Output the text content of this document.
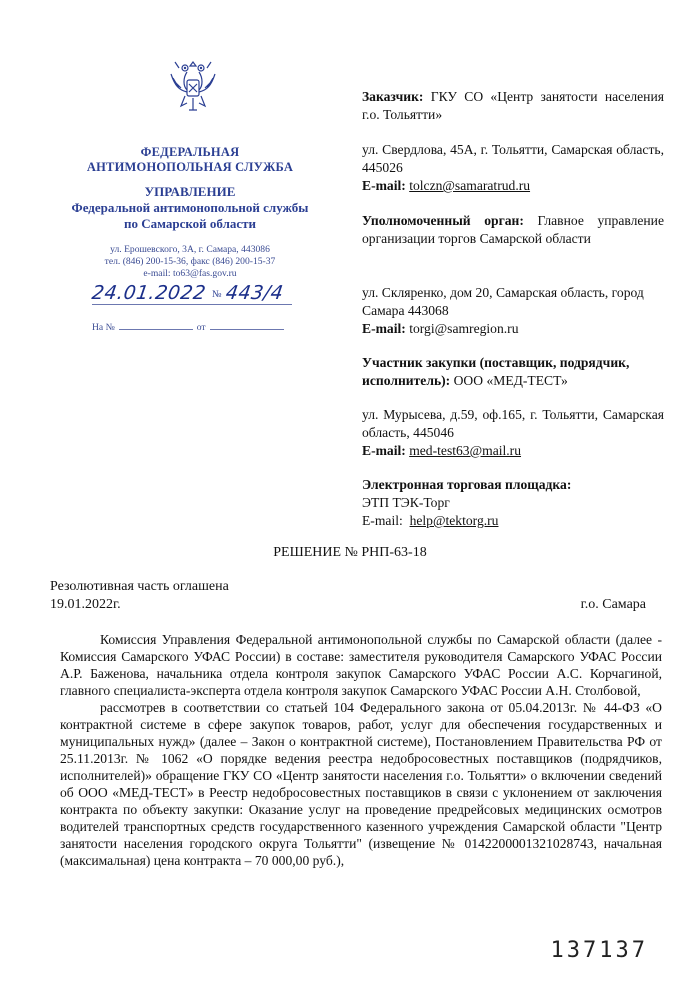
ФЕДЕРАЛЬНАЯ
АНТИМОНОПОЛЬНАЯ СЛУЖБА
УПРАВЛЕНИЕ
Федеральной антимонопольной службы
по Самарской области
ул. Ерошевского, 3А, г. Самара, 443086
тел. (846) 200-15-36, факс (846) 200-15-37
e-mail: to63@fas.gov.ru
24.01.2022 № 443/4
На №	от
Заказчик: ГКУ СО «Центр занятости населения г.о. Тольятти»
ул. Свердлова, 45А, г. Тольятти, Самарская область, 445026
E-mail: tolczn@samaratrud.ru
Уполномоченный орган: Главное управление организации торгов Самарской области
ул. Скляренко, дом 20, Самарская область, город Самара 443068
E-mail: torgi@samregion.ru
Участник закупки (поставщик, подрядчик, исполнитель): ООО «МЕД-ТЕСТ»
ул. Мурысева, д.59, оф.165, г. Тольятти, Самарская область, 445046
E-mail: med-test63@mail.ru
Электронная торговая площадка:
ЭТП ТЭК-Торг
E-mail: help@tektorg.ru
РЕШЕНИЕ № РНП-63-18
Резолютивная часть оглашена
19.01.2022г.	г.о. Самара

Комиссия Управления Федеральной антимонопольной службы по Самарской области (далее - Комиссия Самарского УФАС России) в составе: заместителя руководителя Самарского УФАС России А.Р. Баженова, начальника отдела контроля закупок Самарского УФАС России А.С. Корчагиной, главного специалиста-эксперта отдела контроля закупок Самарского УФАС России А.Н. Столбовой,

рассмотрев в соответствии со статьей 104 Федерального закона от 05.04.2013г. № 44-ФЗ «О контрактной системе в сфере закупок товаров, работ, услуг для обеспечения государственных и муниципальных нужд» (далее – Закон о контрактной системе), Постановлением Правительства РФ от 25.11.2013г. № 1062 «О порядке ведения реестра недобросовестных поставщиков (подрядчиков, исполнителей)» обращение ГКУ СО «Центр занятости населения г.о. Тольятти» о включении сведений об ООО «МЕД-ТЕСТ» в Реестр недобросовестных поставщиков в связи с уклонением от заключения контракта по объекту закупки: Оказание услуг на проведение предрейсовых медицинских осмотров водителей транспортных средств государственного казенного учреждения Самарской области "Центр занятости населения городского округа Тольятти" (извещение № 0142200001321028743, начальная (максимальная) цена контракта – 70 000,00 руб.),

137137
